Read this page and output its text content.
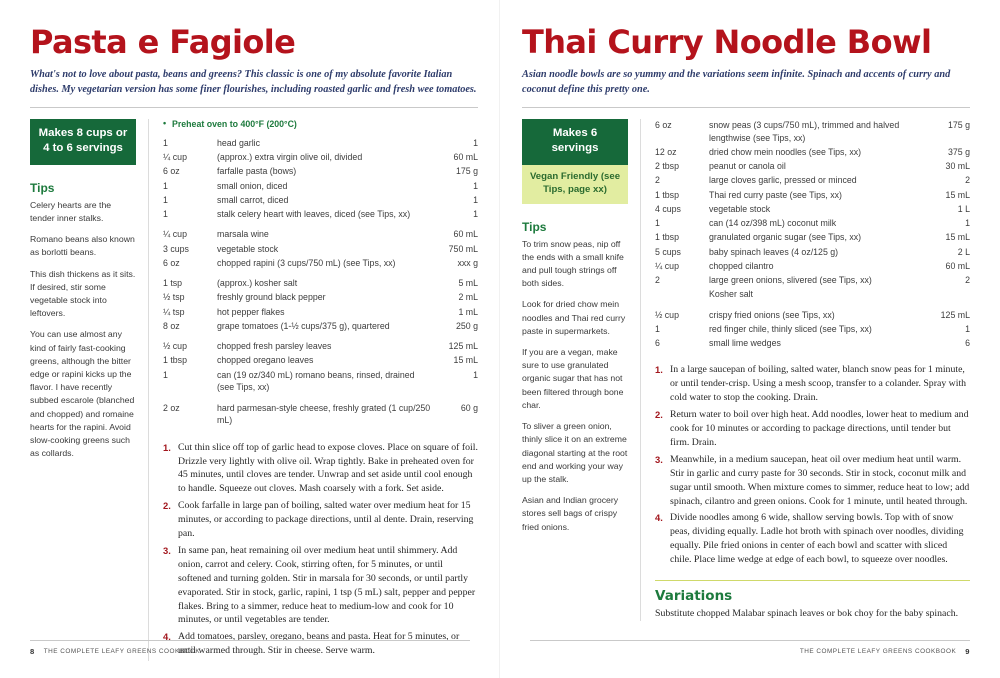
Pasta e Fagiole

What's not to love about pasta, beans and greens? This classic is one of my absolute favorite Italian dishes. My vegetarian version has some finer flourishes, including roasted garlic and fresh wee tomatoes.

Makes 8 cups or 4 to 6 servings
Tips

Celery hearts are the tender inner stalks.

Romano beans also known as borlotti beans.

This dish thickens as it sits. If desired, stir some vegetable stock into leftovers.

You can use almost any kind of fairly fast-cooking greens, although the bitter edge or rapini kicks up the flavor. I have recently subbed escarole (blanched and chopped) and romaine hearts for the rapini. Avoid slow-cooking greens such as collards.

• Preheat oven to 400°F (200°C)
1	head garlic	1
¼ cup	(approx.) extra virgin olive oil, divided	60 mL
6 oz	farfalle pasta (bows)	175 g
1	small onion, diced	1
1	small carrot, diced	1
1	stalk celery heart with leaves, diced (see Tips, xx)	1
¼ cup	marsala wine	60 mL
3 cups	vegetable stock	750 mL
6 oz	chopped rapini (3 cups/750 mL) (see Tips, xx)	xxx g
1 tsp	(approx.) kosher salt	5 mL
½ tsp	freshly ground black pepper	2 mL
¼ tsp	hot pepper flakes	1 mL
8 oz	grape tomatoes (1-½ cups/375 g), quartered	250 g
½ cup	chopped fresh parsley leaves	125 mL
1 tbsp	chopped oregano leaves	15 mL
1	can (19 oz/340 mL) romano beans, rinsed, drained (see Tips, xx)	1
2 oz	hard parmesan-style cheese, freshly grated (1 cup/250 mL)	60 g
Cut thin slice off top of garlic head to expose cloves. Place on square of foil. Drizzle very lightly with olive oil. Wrap tightly. Bake in preheated oven for 45 minutes, until cloves are tender. Unwrap and set aside until cool enough to handle. Squeeze out cloves. Mash coarsely with a fork. Set aside.
Cook farfalle in large pan of boiling, salted water over medium heat for 15 minutes, or according to package directions, until al dente. Drain, reserving pan.
In same pan, heat remaining oil over medium heat until shimmery. Add onion, carrot and celery. Cook, stirring often, for 5 minutes, or until softened and turning golden. Stir in marsala for 30 seconds, or until partly evaporated. Stir in stock, garlic, rapini, 1 tsp (5 mL) salt, pepper and pepper flakes. Bring to a simmer, reduce heat to medium-low and cook for 10 minutes, or until vegetables are tender.
Add tomatoes, parsley, oregano, beans and pasta. Heat for 5 minutes, or until warmed through. Stir in cheese. Serve warm.
8 THE COMPLETE LEAFY GREENS COOKBOOK
Thai Curry Noodle Bowl

Asian noodle bowls are so yummy and the variations seem infinite. Spinach and accents of curry and coconut define this pretty one.

Makes 6 servings
Vegan Friendly (see Tips, page xx)
Tips

To trim snow peas, nip off the ends with a small knife and pull tough strings off both sides.

Look for dried chow mein noodles and Thai red curry paste in supermarkets.

If you are a vegan, make sure to use granulated organic sugar that has not been filtered through bone char.

To sliver a green onion, thinly slice it on an extreme diagonal starting at the root end and working your way up the stalk.

Asian and Indian grocery stores sell bags of crispy fried onions.

6 oz	snow peas (3 cups/750 mL), trimmed and halved lengthwise (see Tips, xx)	175 g
12 oz	dried chow mein noodles (see Tips, xx)	375 g
2 tbsp	peanut or canola oil	30 mL
2	large cloves garlic, pressed or minced	2
1 tbsp	Thai red curry paste (see Tips, xx)	15 mL
4 cups	vegetable stock	1 L
1	can (14 oz/398 mL) coconut milk	1
1 tbsp	granulated organic sugar (see Tips, xx)	15 mL
5 cups	baby spinach leaves (4 oz/125 g)	2 L
¼ cup	chopped cilantro	60 mL
2	large green onions, slivered (see Tips, xx)	2
	Kosher salt	
½ cup	crispy fried onions (see Tips, xx)	125 mL
1	red finger chile, thinly sliced (see Tips, xx)	1
6	small lime wedges	6
In a large saucepan of boiling, salted water, blanch snow peas for 1 minute, or until tender-crisp. Using a mesh scoop, transfer to a colander. Spray with cold water to stop the cooking. Drain.
Return water to boil over high heat. Add noodles, lower heat to medium and cook for 10 minutes or according to package directions, until tender but firm. Drain.
Meanwhile, in a medium saucepan, heat oil over medium heat until warm. Stir in garlic and curry paste for 30 seconds. Stir in stock, coconut milk and sugar until smooth. When mixture comes to simmer, reduce heat to low; add spinach, cilantro and green onions. Cook for 1 minute, until heated through.
Divide noodles among 6 wide, shallow serving bowls. Top with of snow peas, dividing equally. Ladle hot broth with spinach over noodles, dividing equally. Pile fried onions in center of each bowl and scatter with sliced chile. Place lime wedge at edge of each bowl, to squeeze over noodles.
Variations
Substitute chopped Malabar spinach leaves or bok choy for the baby spinach.
THE COMPLETE LEAFY GREENS COOKBOOK 9
